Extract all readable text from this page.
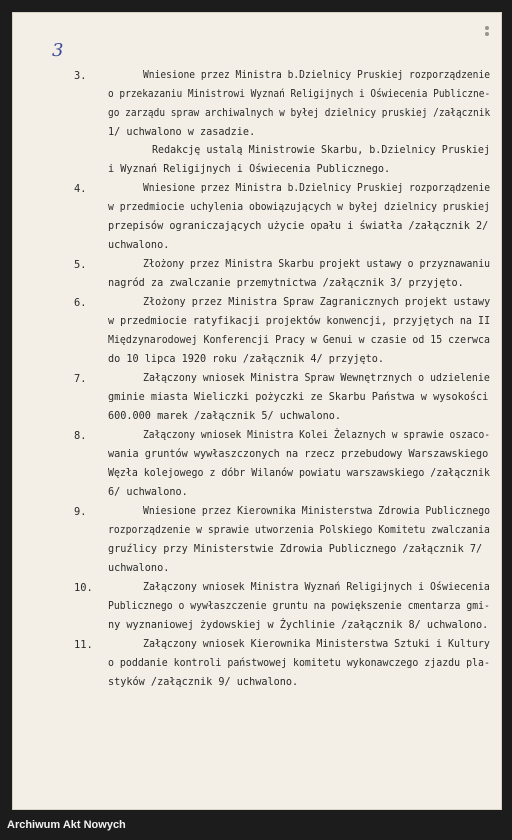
3
3.	Wniesione przez Ministra b.Dzielnicy Pruskiej rozporządzenie
o przekazaniu Ministrowi Wyznań Religijnych i Oświecenia Publiczne-
go zarządu spraw archiwalnych w byłej dzielnicy pruskiej /załącznik
1/ uchwalono w zasadzie.
Redakcję ustalą Ministrowie Skarbu, b.Dzielnicy Pruskiej
i Wyznań Religijnych i Oświecenia Publicznego.
4.	Wniesione przez Ministra b.Dzielnicy Pruskiej rozporządzenie
w przedmiocie uchylenia obowiązujących w byłej dzielnicy pruskiej
przepisów ograniczających użycie opału i światła /załącznik 2/
uchwalono.
5.	Złożony przez Ministra Skarbu projekt ustawy o przyznawaniu
nagród za zwalczanie przemytnictwa /załącznik 3/ przyjęto.
6.	Złożony przez Ministra Spraw Zagranicznych projekt ustawy
w przedmiocie ratyfikacji projektów konwencji, przyjętych na II
Międzynarodowej Konferencji Pracy w Genui w czasie od 15 czerwca
do 10 lipca 1920 roku /załącznik 4/ przyjęto.
7.	Załączony wniosek Ministra Spraw Wewnętrznych o udzielenie
gminie miasta Wieliczki pożyczki ze Skarbu Państwa w wysokości
600.000 marek /załącznik 5/ uchwalono.
8.	Załączony wniosek Ministra Kolei Żelaznych w sprawie oszaco-
wania gruntów wywłaszczonych na rzecz przebudowy Warszawskiego
Węzła kolejowego z dóbr Wilanów powiatu warszawskiego /załącznik
6/ uchwalono.
9.	Wniesione przez Kierownika Ministerstwa Zdrowia Publicznego
rozporządzenie w sprawie utworzenia Polskiego Komitetu zwalczania
gruźlicy przy Ministerstwie Zdrowia Publicznego /załącznik 7/
uchwalono.
10.	Załączony wniosek Ministra Wyznań Religijnych i Oświecenia
Publicznego o wywłaszczenie gruntu na powiększenie cmentarza gmi-
ny wyznaniowej żydowskiej w Żychlinie /załącznik 8/ uchwalono.
11.	Załączony wniosek Kierownika Ministerstwa Sztuki i Kultury
o poddanie kontroli państwowej komitetu wykonawczego zjazdu pla-
styków /załącznik 9/ uchwalono.
Archiwum Akt Nowych
